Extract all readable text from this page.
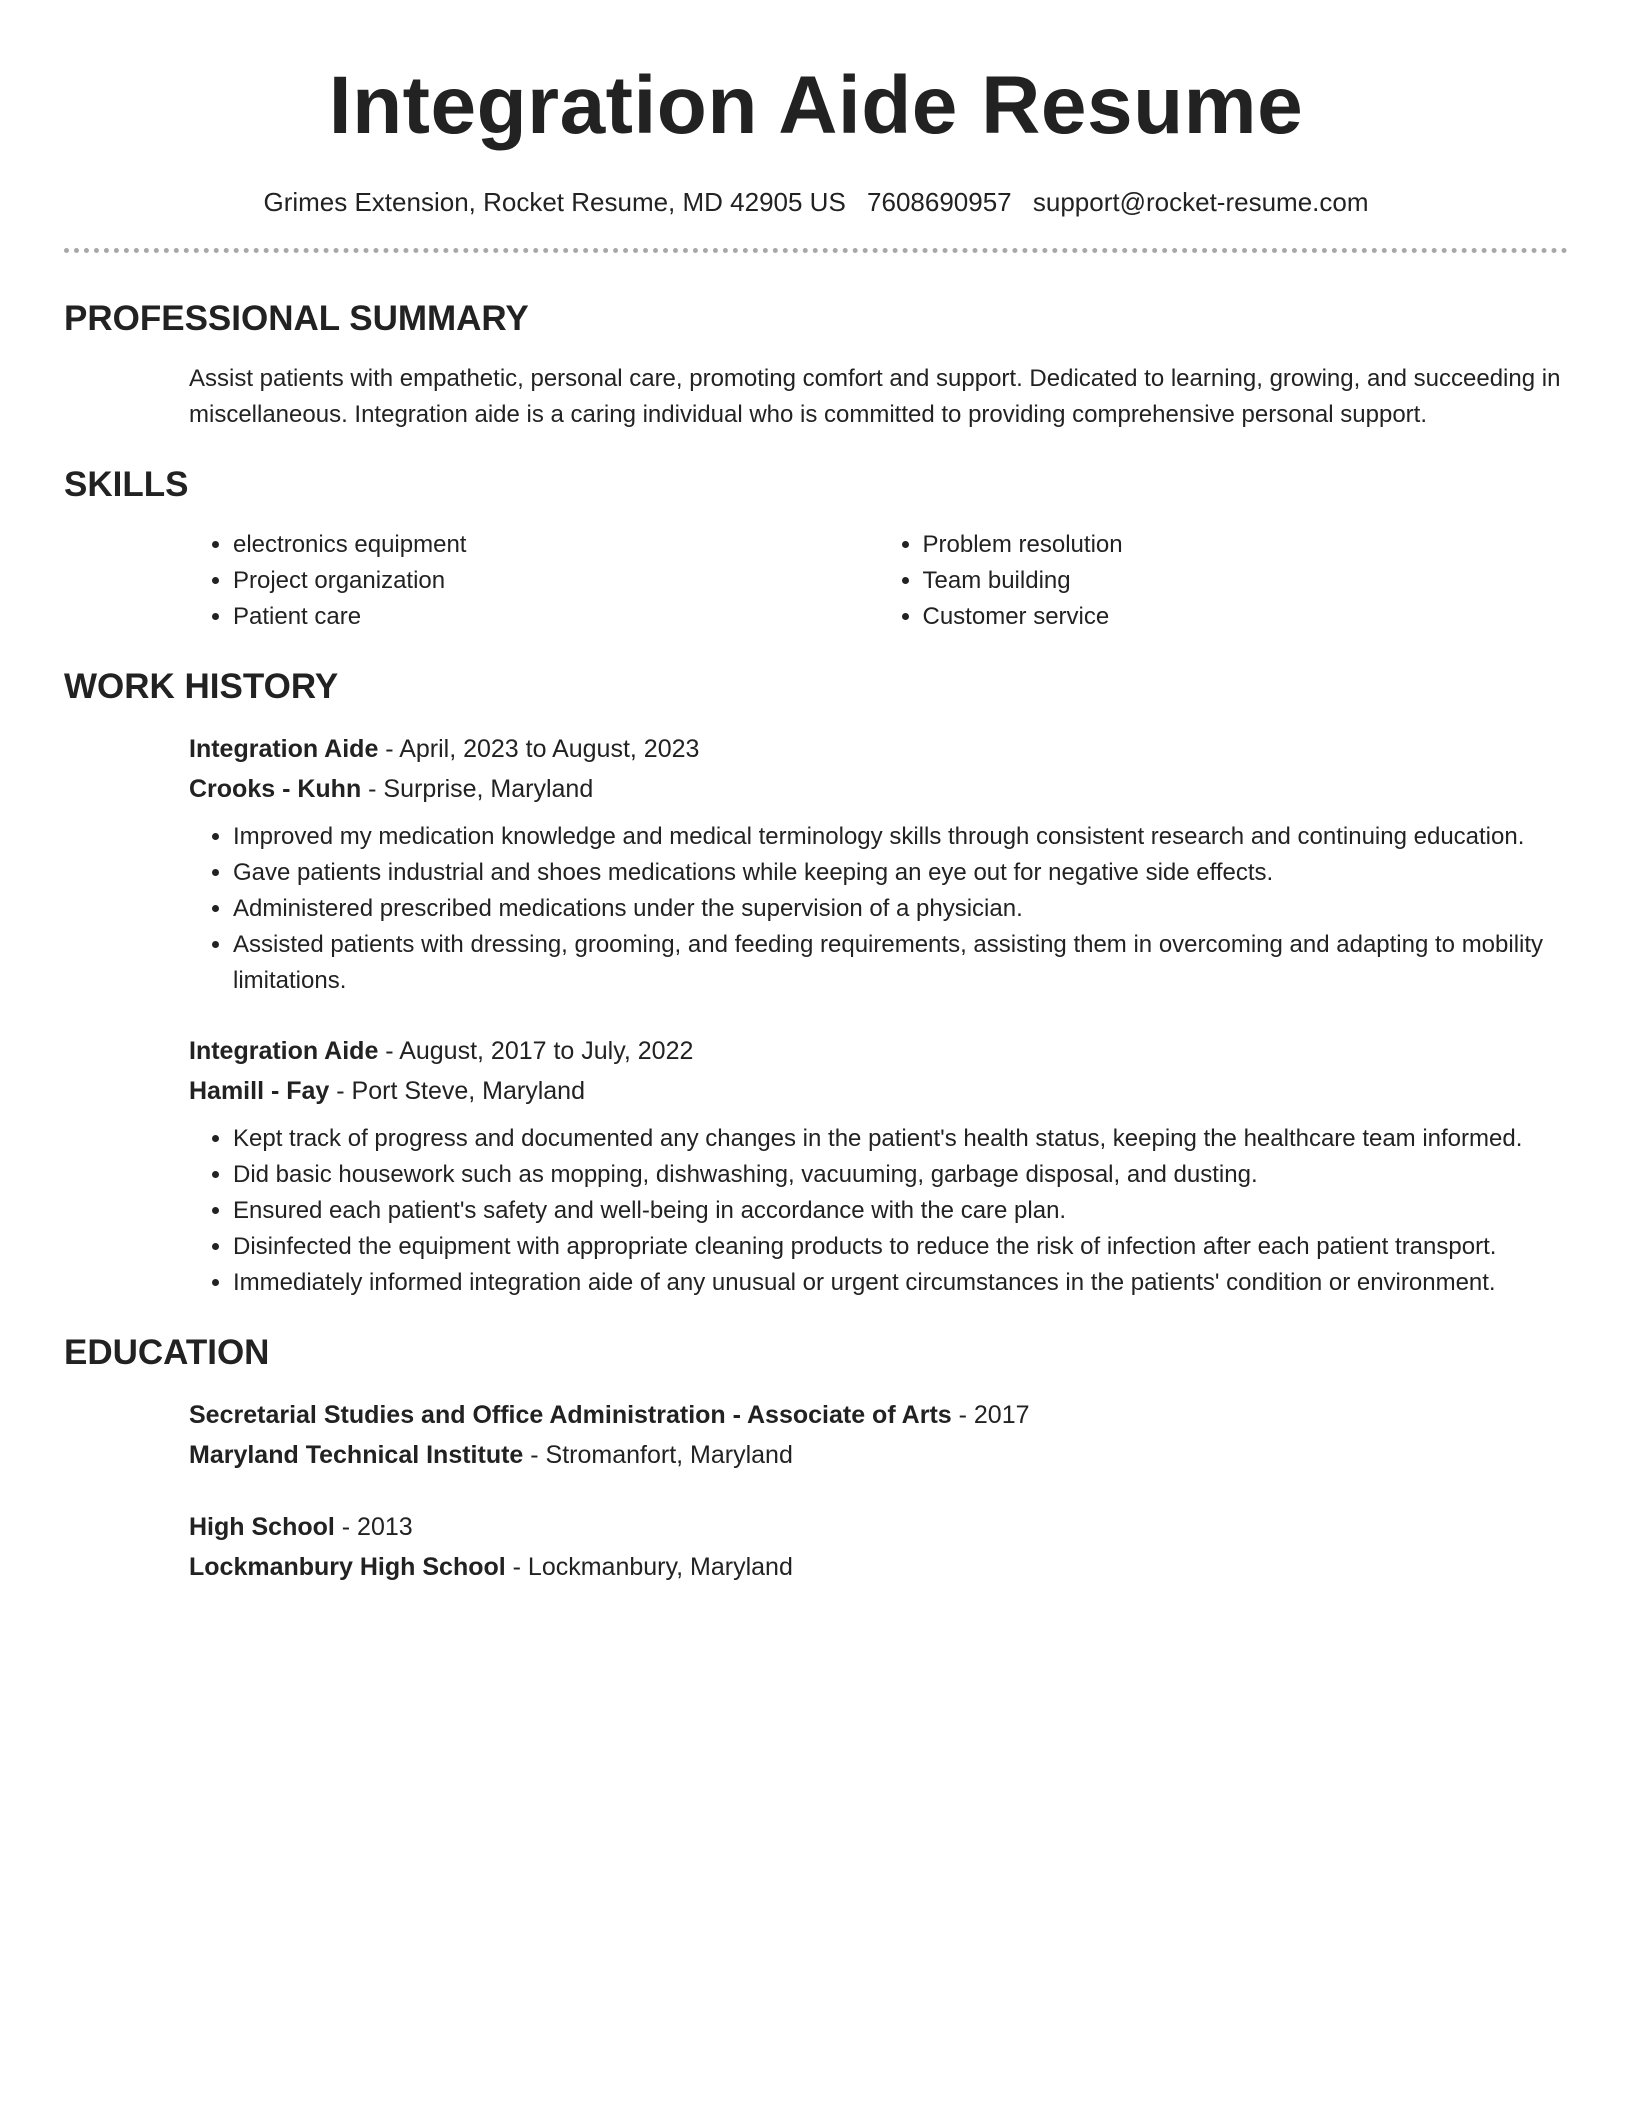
Integration Aide Resume
Grimes Extension, Rocket Resume, MD 42905 US 7608690957 support@rocket-resume.com
PROFESSIONAL SUMMARY
Assist patients with empathetic, personal care, promoting comfort and support. Dedicated to learning, growing, and succeeding in miscellaneous. Integration aide is a caring individual who is committed to providing comprehensive personal support.
SKILLS
• electronics equipment
• Project organization
• Patient care
• Problem resolution
• Team building
• Customer service
WORK HISTORY
Integration Aide - April, 2023 to August, 2023
Crooks - Kuhn - Surprise, Maryland
• Improved my medication knowledge and medical terminology skills through consistent research and continuing education.
• Gave patients industrial and shoes medications while keeping an eye out for negative side effects.
• Administered prescribed medications under the supervision of a physician.
• Assisted patients with dressing, grooming, and feeding requirements, assisting them in overcoming and adapting to mobility limitations.
Integration Aide - August, 2017 to July, 2022
Hamill - Fay - Port Steve, Maryland
• Kept track of progress and documented any changes in the patient's health status, keeping the healthcare team informed.
• Did basic housework such as mopping, dishwashing, vacuuming, garbage disposal, and dusting.
• Ensured each patient's safety and well-being in accordance with the care plan.
• Disinfected the equipment with appropriate cleaning products to reduce the risk of infection after each patient transport.
• Immediately informed integration aide of any unusual or urgent circumstances in the patients' condition or environment.
EDUCATION
Secretarial Studies and Office Administration - Associate of Arts - 2017
Maryland Technical Institute - Stromanfort, Maryland
High School - 2013
Lockmanbury High School - Lockmanbury, Maryland
